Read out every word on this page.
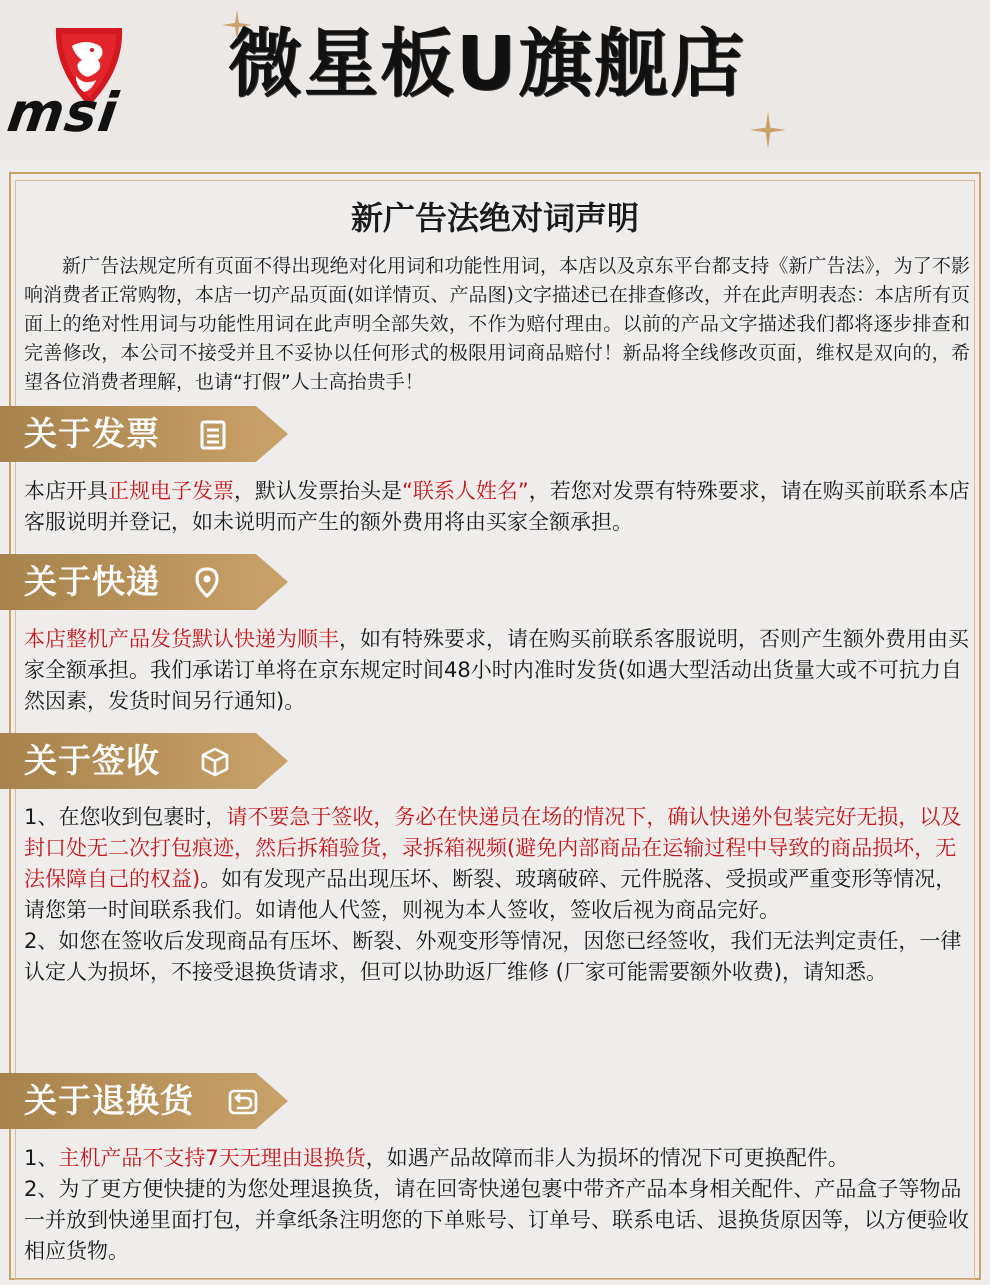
msi
微星板U旗舰店
新广告法绝对词声明
新广告法规定所有页面不得出现绝对化用词和功能性用词，本店以及京东平台都支持《新广告法》，为了不影响消费者正常购物，本店一切产品页面(如详情页、产品图)文字描述已在排查修改，并在此声明表态：本店所有页面上的绝对性用词与功能性用词在此声明全部失效，不作为赔付理由。以前的产品文字描述我们都将逐步排查和完善修改，本公司不接受并且不妥协以任何形式的极限用词商品赔付！新品将全线修改页面，维权是双向的，希望各位消费者理解，也请“打假”人士高抬贵手！
关于发票
本店开具正规电子发票，默认发票抬头是“联系人姓名”，若您对发票有特殊要求，请在购买前联系本店客服说明并登记，如未说明而产生的额外费用将由买家全额承担。
关于快递
本店整机产品发货默认快递为顺丰，如有特殊要求，请在购买前联系客服说明，否则产生额外费用由买家全额承担。我们承诺订单将在京东规定时间48小时内准时发货(如遇大型活动出货量大或不可抗力自然因素，发货时间另行通知)。
关于签收
1、在您收到包裹时，请不要急于签收，务必在快递员在场的情况下，确认快递外包装完好无损，以及封口处无二次打包痕迹，然后拆箱验货，录拆箱视频(避免内部商品在运输过程中导致的商品损坏，无法保障自己的权益)。如有发现产品出现压坏、断裂、玻璃破碎、元件脱落、受损或严重变形等情况，请您第一时间联系我们。如请他人代签，则视为本人签收，签收后视为商品完好。
2、如您在签收后发现商品有压坏、断裂、外观变形等情况，因您已经签收，我们无法判定责任，一律认定人为损坏，不接受退换货请求，但可以协助返厂维修 (厂家可能需要额外收费)，请知悉。
关于退换货
1、主机产品不支持7天无理由退换货，如遇产品故障而非人为损坏的情况下可更换配件。
2、为了更方便快捷的为您处理退换货，请在回寄快递包裹中带齐产品本身相关配件、产品盒子等物品一并放到快递里面打包，并拿纸条注明您的下单账号、订单号、联系电话、退换货原因等，以方便验收相应货物。
